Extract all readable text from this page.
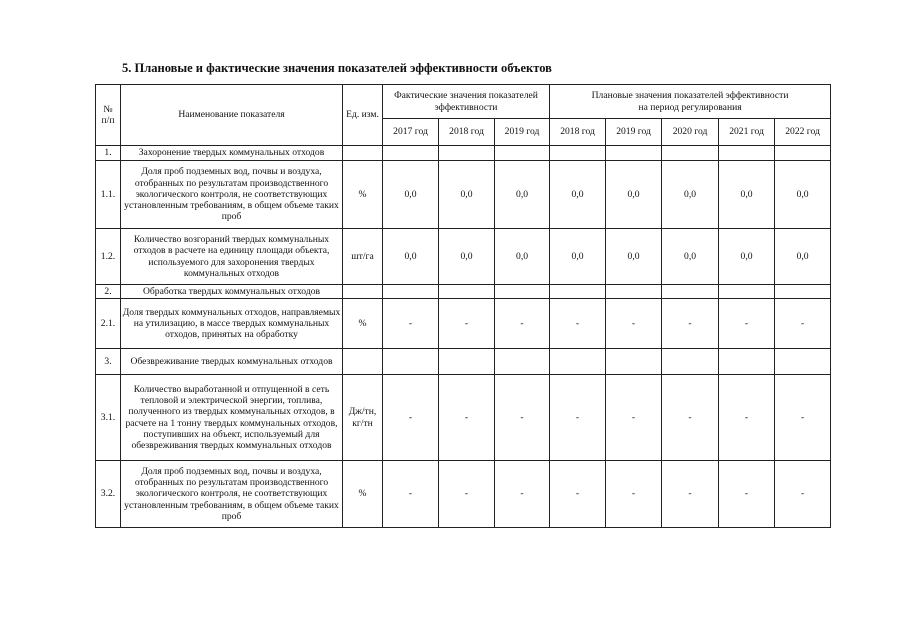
5. Плановые и фактические значения показателей эффективности объектов
№
п/п	Наименование показателя	Ед. изм.	Фактические значения показателей эффективности			Плановые значения показателей эффективности
на период регулирования				
			2017 год	2018 год	2019 год	2018 год	2019 год	2020 год	2021 год	2022 год
1.	Захоронение твердых коммунальных отходов									
1.1.	Доля проб подземных вод, почвы и воздуха, отобранных по результатам производственного экологического контроля, не соответствующих установленным требованиям, в общем объеме таких проб	%	0,0	0,0	0,0	0,0	0,0	0,0	0,0	0,0
1.2.	Количество возгораний твердых коммунальных отходов в расчете на единицу площади объекта, используемого для захоронения твердых коммунальных отходов	шт/га	0,0	0,0	0,0	0,0	0,0	0,0	0,0	0,0
2.	Обработка твердых коммунальных отходов									
2.1.	Доля твердых коммунальных отходов, направляемых на утилизацию, в массе твердых коммунальных отходов, принятых на обработку	%	-	-	-	-	-	-	-	-
3.	Обезвреживание твердых коммунальных отходов									
3.1.	Количество выработанной и отпущенной в сеть тепловой и электрической энергии, топлива, полученного из твердых коммунальных отходов, в расчете на 1 тонну твердых коммунальных отходов, поступивших на объект, используемый для обезвреживания твердых коммунальных отходов	Дж/тн, кг/тн	-	-	-	-	-	-	-	-
3.2.	Доля проб подземных вод, почвы и воздуха, отобранных по результатам производственного экологического контроля, не соответствующих установленным требованиям, в общем объеме таких проб	%	-	-	-	-	-	-	-	-
